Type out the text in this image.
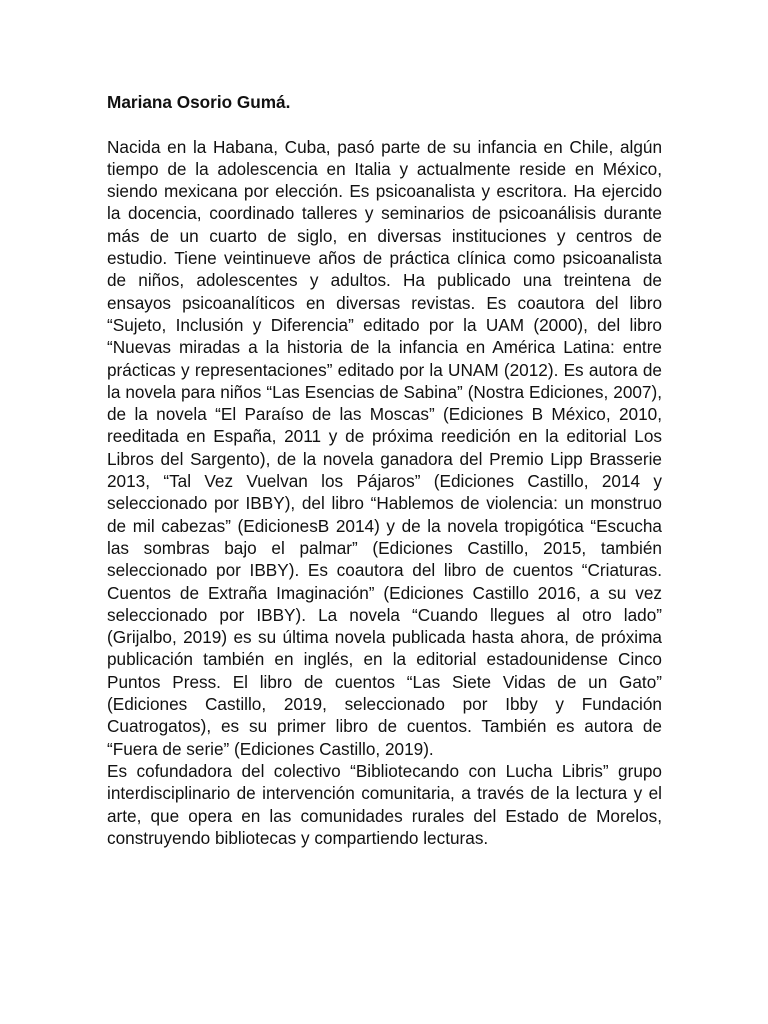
Mariana Osorio Gumá.

Nacida en la Habana, Cuba, pasó parte de su infancia en Chile, algún tiempo de la adolescencia en Italia y actualmente reside en México, siendo mexicana por elección. Es psicoanalista y escritora. Ha ejercido la docencia, coordinado talleres y seminarios de psicoanálisis durante más de un cuarto de siglo, en diversas instituciones y centros de estudio. Tiene veintinueve años de práctica clínica como psicoanalista de niños, adolescentes y adultos. Ha publicado una treintena de ensayos psicoanalíticos en diversas revistas. Es coautora del libro “Sujeto, Inclusión y Diferencia” editado por la UAM (2000), del libro “Nuevas miradas a la historia de la infancia en América Latina: entre prácticas y representaciones” editado por la UNAM (2012). Es autora de la novela para niños “Las Esencias de Sabina” (Nostra Ediciones, 2007), de la novela “El Paraíso de las Moscas” (Ediciones B México, 2010, reeditada en España, 2011 y de próxima reedición en la editorial Los Libros del Sargento), de la novela ganadora del Premio Lipp Brasserie 2013, “Tal Vez Vuelvan los Pájaros” (Ediciones Castillo, 2014 y seleccionado por IBBY), del libro “Hablemos de violencia: un monstruo de mil cabezas” (EdicionesB 2014) y de la novela tropigótica “Escucha las sombras bajo el palmar” (Ediciones Castillo, 2015, también seleccionado por IBBY). Es coautora del libro de cuentos “Criaturas. Cuentos de Extraña Imaginación” (Ediciones Castillo 2016, a su vez seleccionado por IBBY). La novela “Cuando llegues al otro lado” (Grijalbo, 2019) es su última novela publicada hasta ahora, de próxima publicación también en inglés, en la editorial estadounidense Cinco Puntos Press. El libro de cuentos “Las Siete Vidas de un Gato” (Ediciones Castillo, 2019, seleccionado por Ibby y Fundación Cuatrogatos), es su primer libro de cuentos. También es autora de “Fuera de serie” (Ediciones Castillo, 2019).

Es cofundadora del colectivo “Bibliotecando con Lucha Libris” grupo interdisciplinario de intervención comunitaria, a través de la lectura y el arte, que opera en las comunidades rurales del Estado de Morelos, construyendo bibliotecas y compartiendo lecturas.
